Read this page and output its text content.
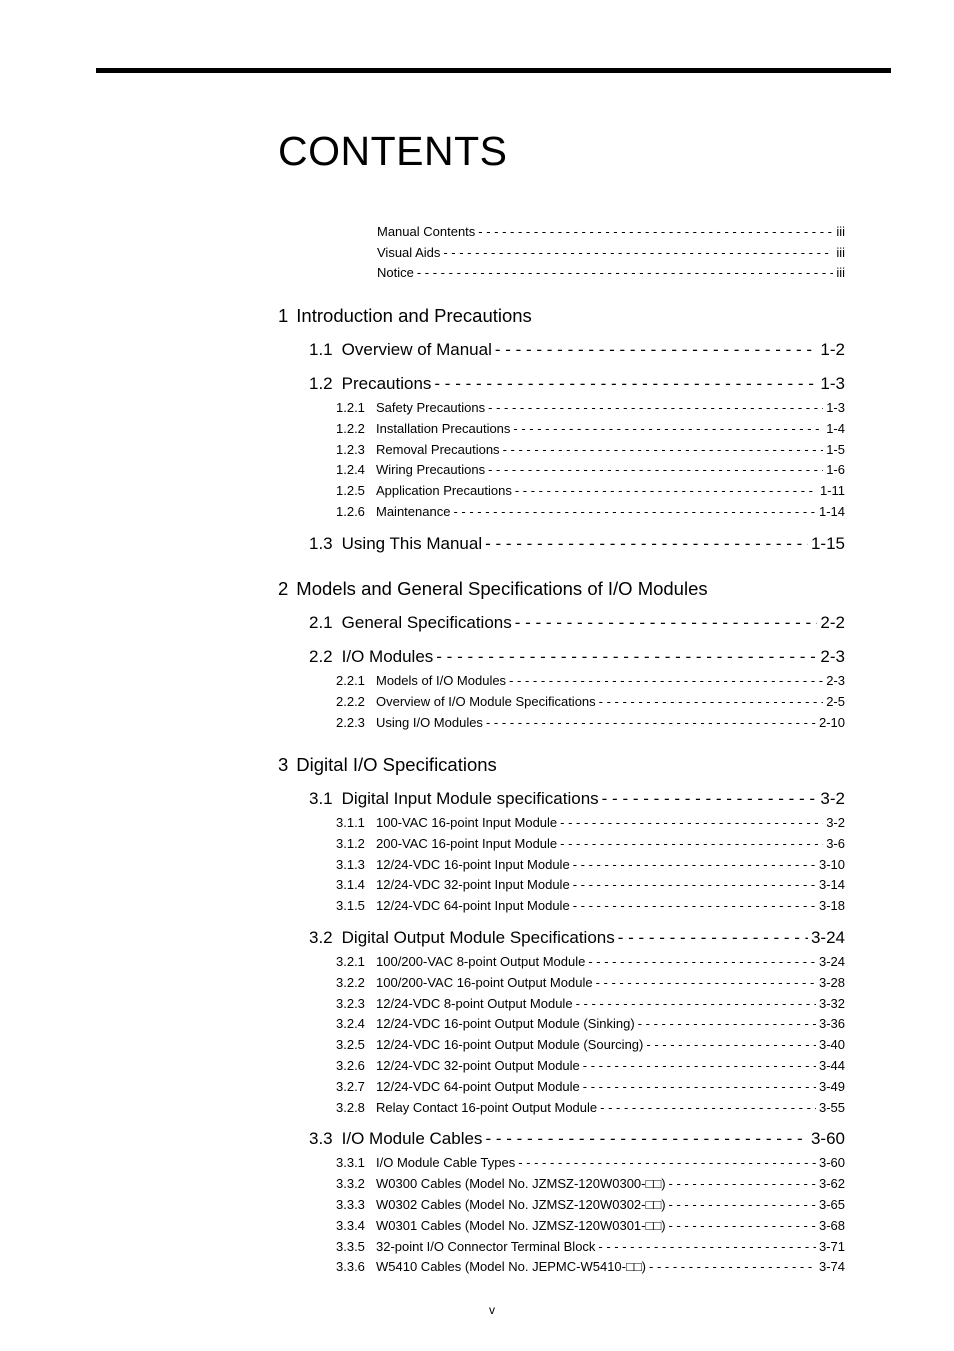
CONTENTS
Manual Contents - - -	iii
Visual Aids - - -	iii
Notice - - -	iii
1 Introduction and Precautions
1.1 Overview of Manual - - -	1-2
1.2 Precautions - - -	1-3
1.2.1 Safety Precautions - - -	1-3
1.2.2 Installation Precautions - - -	1-4
1.2.3 Removal Precautions - - -	1-5
1.2.4 Wiring Precautions - - -	1-6
1.2.5 Application Precautions - - -	1-11
1.2.6 Maintenance - - -	1-14
1.3 Using This Manual - - -	1-15
2 Models and General Specifications of I/O Modules
2.1 General Specifications - - -	2-2
2.2 I/O Modules - - -	2-3
2.2.1 Models of I/O Modules - - -	2-3
2.2.2 Overview of I/O Module Specifications - - -	2-5
2.2.3 Using I/O Modules - - -	2-10
3 Digital I/O Specifications
3.1 Digital Input Module specifications - - -	3-2
3.1.1 100-VAC 16-point Input Module - - -	3-2
3.1.2 200-VAC 16-point Input Module - - -	3-6
3.1.3 12/24-VDC 16-point Input Module - - -	3-10
3.1.4 12/24-VDC 32-point Input Module - - -	3-14
3.1.5 12/24-VDC 64-point Input Module - - -	3-18
3.2 Digital Output Module Specifications - - -	3-24
3.2.1 100/200-VAC 8-point Output Module - - -	3-24
3.2.2 100/200-VAC 16-point Output Module - - -	3-28
3.2.3 12/24-VDC 8-point Output Module - - -	3-32
3.2.4 12/24-VDC 16-point Output Module (Sinking) - - -	3-36
3.2.5 12/24-VDC 16-point Output Module (Sourcing) - - -	3-40
3.2.6 12/24-VDC 32-point Output Module - - -	3-44
3.2.7 12/24-VDC 64-point Output Module - - -	3-49
3.2.8 Relay Contact 16-point Output Module - - -	3-55
3.3 I/O Module Cables - - -	3-60
3.3.1 I/O Module Cable Types - - -	3-60
3.3.2 W0300 Cables (Model No. JZMSZ-120W0300-□□) - - -	3-62
3.3.3 W0302 Cables (Model No. JZMSZ-120W0302-□□) - - -	3-65
3.3.4 W0301 Cables (Model No. JZMSZ-120W0301-□□) - - -	3-68
3.3.5 32-point I/O Connector Terminal Block - - -	3-71
3.3.6 W5410 Cables (Model No. JEPMC-W5410-□□) - - -	3-74
v
